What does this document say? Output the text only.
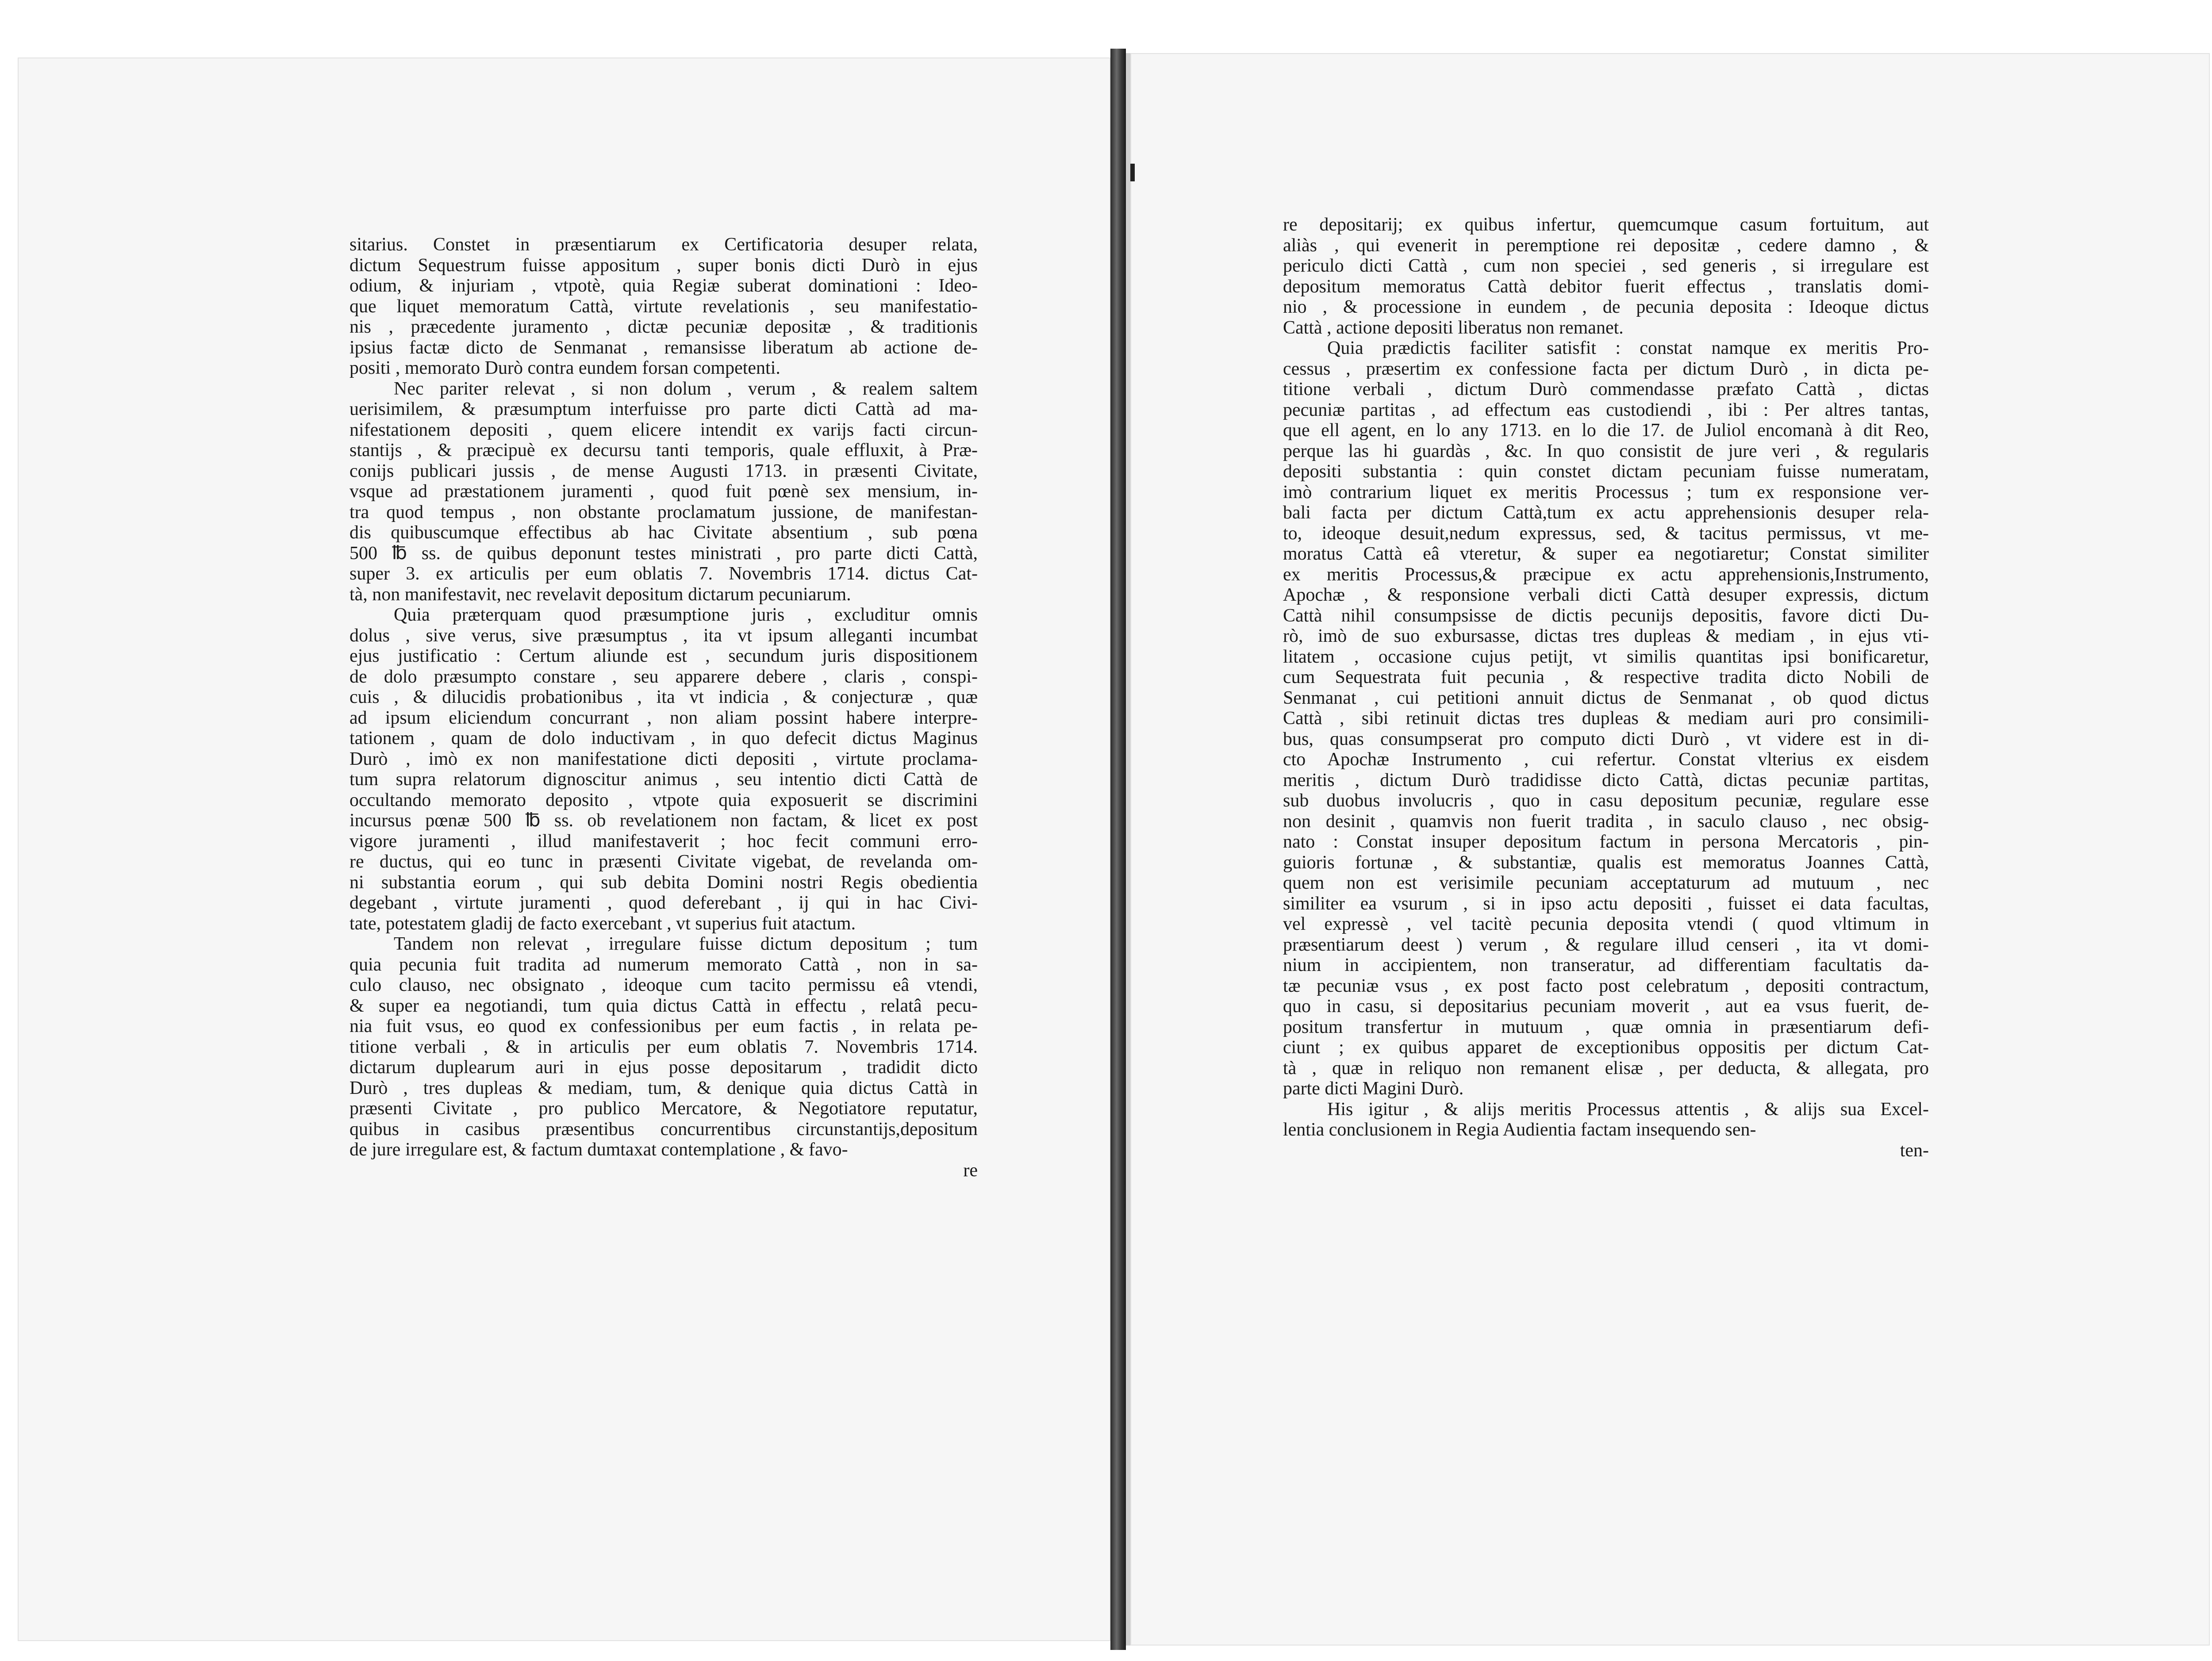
sitarius. Constet in præsentiarum ex Certificatoria desuper relata,
dictum Sequestrum fuisse appositum , super bonis dicti Durò in ejus
odium, & injuriam , vtpotè, quia Regiæ suberat dominationi : Ideo-
que liquet memoratum Cattà, virtute revelationis , seu manifestatio-
nis , præcedente juramento , dictæ pecuniæ depositæ , & traditionis
ipsius factæ dicto de Senmanat , remansisse liberatum ab actione de-
positi , memorato Durò contra eundem forsan competenti.
Nec pariter relevat , si non dolum , verum , & realem saltem
uerisimilem, & præsumptum interfuisse pro parte dicti Cattà ad ma-
nifestationem depositi , quem elicere intendit ex varijs facti circun-
stantijs , & præcipuè ex decursu tanti temporis, quale effluxit, à Præ-
conijs publicari jussis , de mense Augusti 1713. in præsenti Civitate,
vsque ad præstationem juramenti , quod fuit pœnè sex mensium, in-
tra quod tempus , non obstante proclamatum jussione, de manifestan-
dis quibuscumque effectibus ab hac Civitate absentium , sub pœna
500 ℔ ss. de quibus deponunt testes ministrati , pro parte dicti Cattà,
super 3. ex articulis per eum oblatis 7. Novembris 1714. dictus Cat-
tà, non manifestavit, nec revelavit depositum dictarum pecuniarum.
Quia præterquam quod præsumptione juris , excluditur omnis
dolus , sive verus, sive præsumptus , ita vt ipsum alleganti incumbat
ejus justificatio : Certum aliunde est , secundum juris dispositionem
de dolo præsumpto constare , seu apparere debere , claris , conspi-
cuis , & dilucidis probationibus , ita vt indicia , & conjecturæ , quæ
ad ipsum eliciendum concurrant , non aliam possint habere interpre-
tationem , quam de dolo inductivam , in quo defecit dictus Maginus
Durò , imò ex non manifestatione dicti depositi , virtute proclama-
tum supra relatorum dignoscitur animus , seu intentio dicti Cattà de
occultando memorato deposito , vtpote quia exposuerit se discrimini
incursus pœnæ 500 ℔ ss. ob revelationem non factam, & licet ex post
vigore juramenti , illud manifestaverit ; hoc fecit communi erro-
re ductus, qui eo tunc in præsenti Civitate vigebat, de revelanda om-
ni substantia eorum , qui sub debita Domini nostri Regis obedientia
degebant , virtute juramenti , quod deferebant , ij qui in hac Civi-
tate, potestatem gladij de facto exercebant , vt superius fuit atactum.
Tandem non relevat , irregulare fuisse dictum depositum ; tum
quia pecunia fuit tradita ad numerum memorato Cattà , non in sa-
culo clauso, nec obsignato , ideoque cum tacito permissu eâ vtendi,
& super ea negotiandi, tum quia dictus Cattà in effectu , relatâ pecu-
nia fuit vsus, eo quod ex confessionibus per eum factis , in relata pe-
titione verbali , & in articulis per eum oblatis 7. Novembris 1714.
dictarum duplearum auri in ejus posse depositarum , tradidit dicto
Durò , tres dupleas & mediam, tum, & denique quia dictus Cattà in
præsenti Civitate , pro publico Mercatore, & Negotiatore reputatur,
quibus in casibus præsentibus concurrentibus circunstantijs,depositum
de jure irregulare est, & factum dumtaxat contemplatione , & favo-
re
re depositarij; ex quibus infertur, quemcumque casum fortuitum, aut
aliàs , qui evenerit in peremptione rei depositæ , cedere damno , &
periculo dicti Cattà , cum non speciei , sed generis , si irregulare est
depositum memoratus Cattà debitor fuerit effectus , translatis domi-
nio , & processione in eundem , de pecunia deposita : Ideoque dictus
Cattà , actione depositi liberatus non remanet.
Quia prædictis faciliter satisfit : constat namque ex meritis Pro-
cessus , præsertim ex confessione facta per dictum Durò , in dicta pe-
titione verbali , dictum Durò commendasse præfato Cattà , dictas
pecuniæ partitas , ad effectum eas custodiendi , ibi : Per altres tantas,
que ell agent, en lo any 1713. en lo die 17. de Juliol encomanà à dit Reo,
perque las hi guardàs , &c. In quo consistit de jure veri , & regularis
depositi substantia : quin constet dictam pecuniam fuisse numeratam,
imò contrarium liquet ex meritis Processus ; tum ex responsione ver-
bali facta per dictum Cattà,tum ex actu apprehensionis desuper rela-
to, ideoque desuit,nedum expressus, sed, & tacitus permissus, vt me-
moratus Cattà eâ vteretur, & super ea negotiaretur; Constat similiter
ex meritis Processus,& præcipue ex actu apprehensionis,Instrumento,
Apochæ , & responsione verbali dicti Cattà desuper expressis, dictum
Cattà nihil consumpsisse de dictis pecunijs depositis, favore dicti Du-
rò, imò de suo exbursasse, dictas tres dupleas & mediam , in ejus vti-
litatem , occasione cujus petijt, vt similis quantitas ipsi bonificaretur,
cum Sequestrata fuit pecunia , & respective tradita dicto Nobili de
Senmanat , cui petitioni annuit dictus de Senmanat , ob quod dictus
Cattà , sibi retinuit dictas tres dupleas & mediam auri pro consimili-
bus, quas consumpserat pro computo dicti Durò , vt videre est in di-
cto Apochæ Instrumento , cui refertur. Constat vlterius ex eisdem
meritis , dictum Durò tradidisse dicto Cattà, dictas pecuniæ partitas,
sub duobus involucris , quo in casu depositum pecuniæ, regulare esse
non desinit , quamvis non fuerit tradita , in saculo clauso , nec obsig-
nato : Constat insuper depositum factum in persona Mercatoris , pin-
guioris fortunæ , & substantiæ, qualis est memoratus Joannes Cattà,
quem non est verisimile pecuniam acceptaturum ad mutuum , nec
similiter ea vsurum , si in ipso actu depositi , fuisset ei data facultas,
vel expressè , vel tacitè pecunia deposita vtendi ( quod vltimum in
præsentiarum deest ) verum , & regulare illud censeri , ita vt domi-
nium in accipientem, non transeratur, ad differentiam facultatis da-
tæ pecuniæ vsus , ex post facto post celebratum , depositi contractum,
quo in casu, si depositarius pecuniam moverit , aut ea vsus fuerit, de-
positum transfertur in mutuum , quæ omnia in præsentiarum defi-
ciunt ; ex quibus apparet de exceptionibus oppositis per dictum Cat-
tà , quæ in reliquo non remanent elisæ , per deducta, & allegata, pro
parte dicti Magini Durò.
His igitur , & alijs meritis Processus attentis , & alijs sua Excel-
lentia conclusionem in Regia Audientia factam insequendo sen-
ten-
